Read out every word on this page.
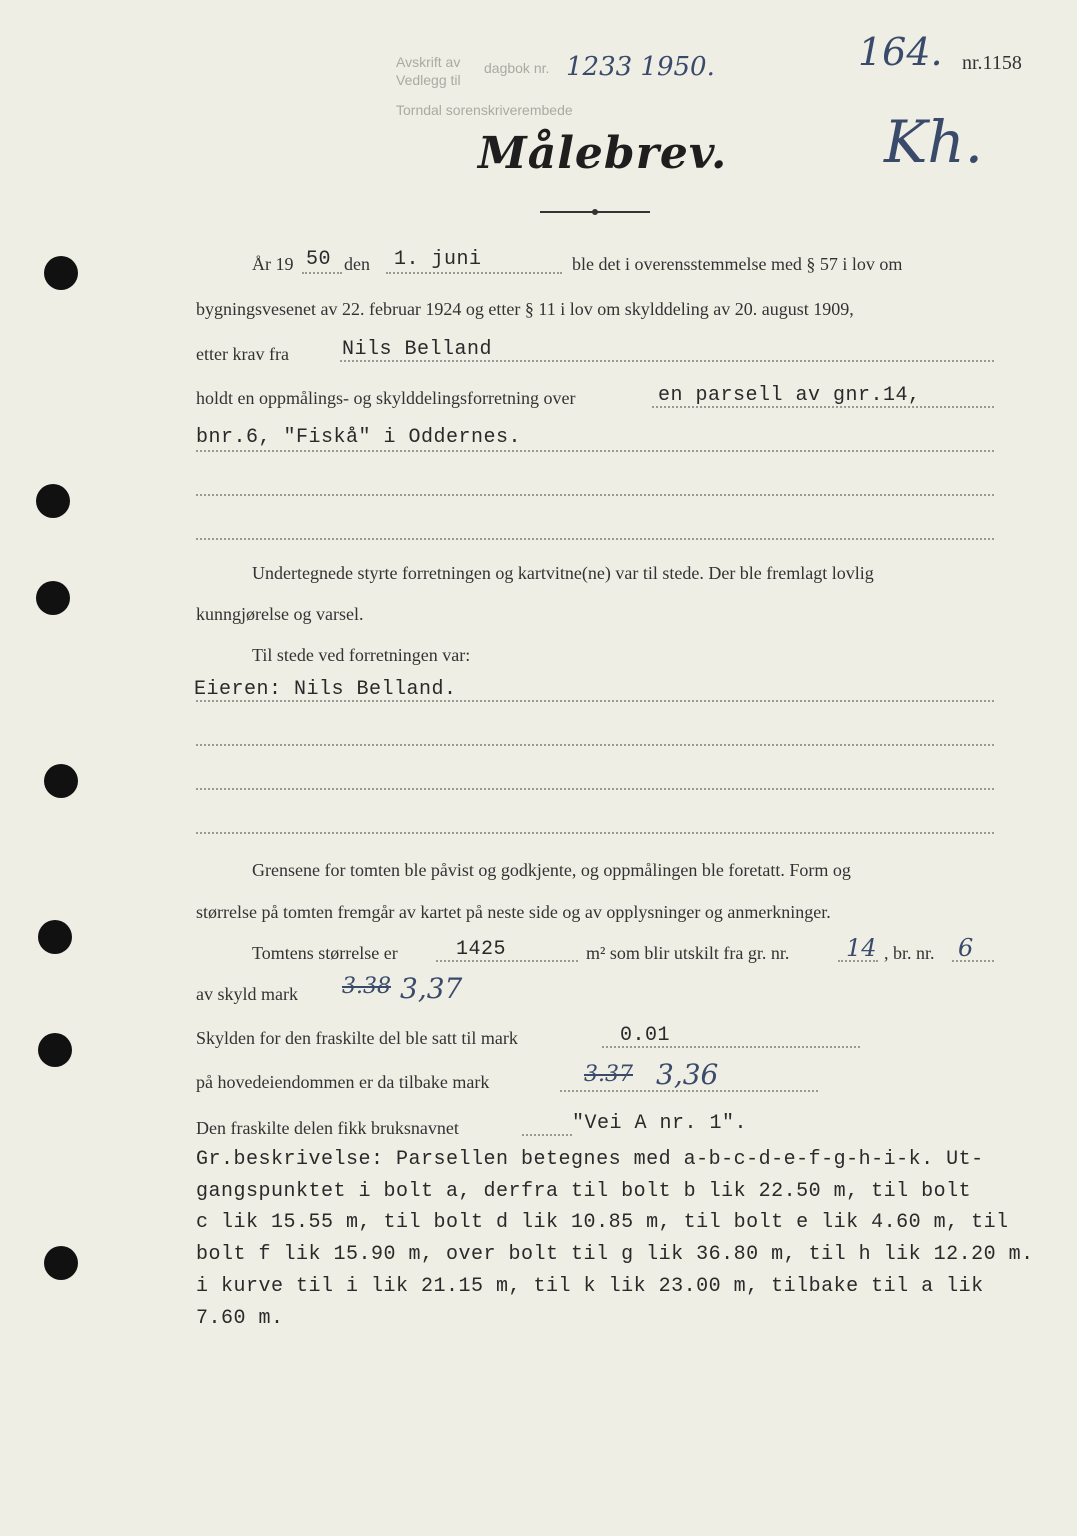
Avskrift av
Vedlegg til
dagbok nr.
Torndal sorenskriverembede
1233 1950.	164. nr.1158
Kh.
Målebrev.
År 19 50 den 1. juni	ble det i overensstemmelse med § 57 i lov om
bygningsvesenet av 22. februar 1924 og etter § 11 i lov om skylddeling av 20. august 1909,
etter krav fra	Nils Belland
holdt en oppmålings- og skylddelingsforretning over	en parsell av gnr.14,
bnr.6, "Fiskå" i Oddernes.
Undertegnede styrte forretningen og kartvitne(ne) var til stede. Der ble fremlagt lovlig
kunngjørelse og varsel.
Til stede ved forretningen var:
Eieren: Nils Belland.
Grensene for tomten ble påvist og godkjente, og oppmålingen ble foretatt. Form og
størrelse på tomten fremgår av kartet på neste side og av opplysninger og anmerkninger.
Tomtens størrelse er	1425	m² som blir utskilt fra gr. nr. 14 , br. nr. 6
av skyld mark 3.38 3,37
Skylden for den fraskilte del ble satt til mark	0.01
på hovedeiendommen er da tilbake mark	3.37 3,36
Den fraskilte delen fikk bruksnavnet	"Vei A nr. 1".
Gr.beskrivelse: Parsellen betegnes med a-b-c-d-e-f-g-h-i-k. Ut-
gangspunktet i bolt a, derfra til bolt b lik 22.50 m, til bolt
c lik 15.55 m, til bolt d lik 10.85 m, til bolt e lik 4.60 m, til
bolt f lik 15.90 m, over bolt til g lik 36.80 m, til h lik 12.20 m.
i kurve til i lik 21.15 m, til k lik 23.00 m, tilbake til a lik
7.60 m.
